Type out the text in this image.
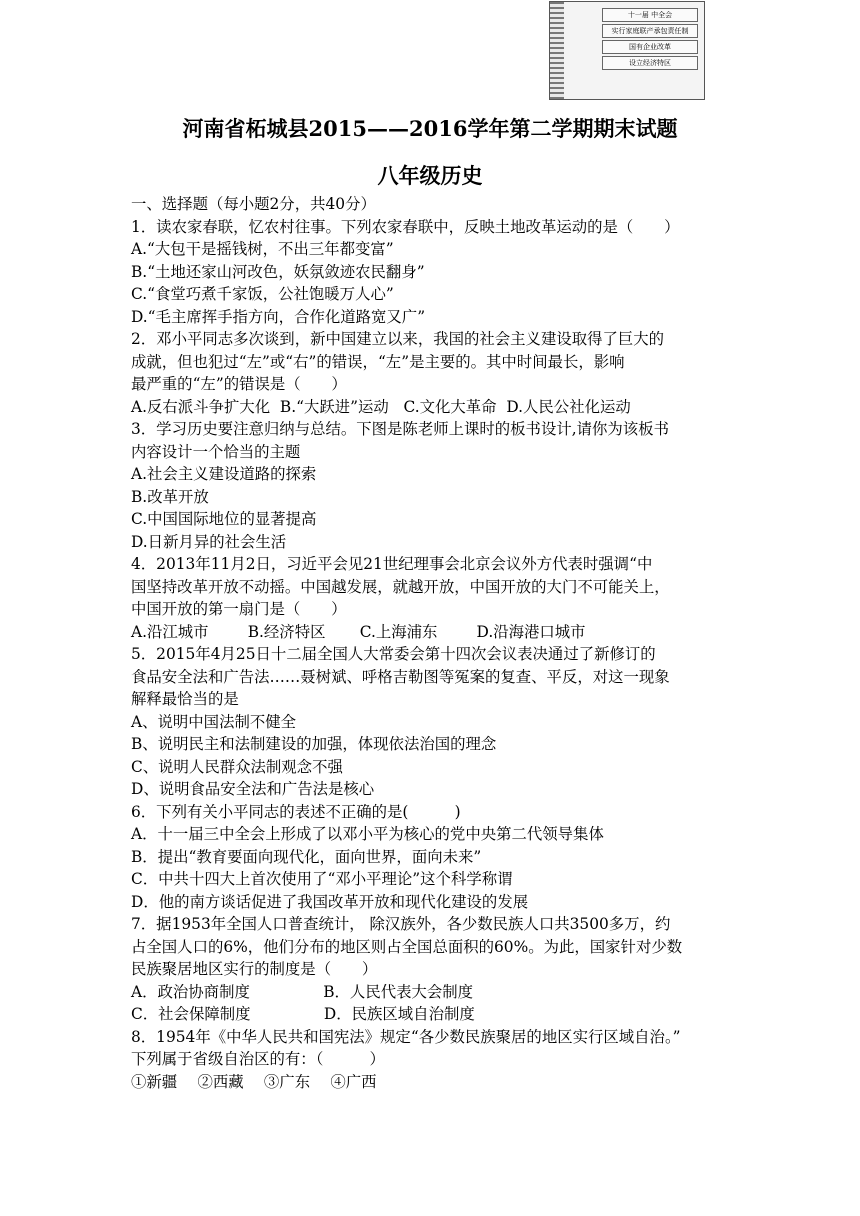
十一届 中全会
实行家庭联产承包责任制
国有企业改革
设立经济特区
河南省柘城县2015——2016学年第二学期期末试题
八年级历史

一、选择题（每小题2分，共40分）

1．读农家春联，忆农村往事。下列农家春联中，反映土地改革运动的是（　　）

A.“大包干是摇钱树，不出三年都变富”

B.“土地还家山河改色，妖氛敛迹农民翻身”

C.“食堂巧煮千家饭，公社饱暖万人心”

D.“毛主席挥手指方向，合作化道路宽又广”

2．邓小平同志多次谈到，新中国建立以来，我国的社会主义建设取得了巨大的

成就，但也犯过“左”或“右”的错误，“左”是主要的。其中时间最长，影响

最严重的“左”的错误是（　　）

A.反右派斗争扩大化  B.“大跃进”运动   C.文化大革命  D.人民公社化运动

3．学习历史要注意归纳与总结。下图是陈老师上课时的板书设计,请你为该板书

内容设计一个恰当的主题

A.社会主义建设道路的探索

B.改革开放

C.中国国际地位的显著提高

D.日新月异的社会生活

4．2013年11月2日，习近平会见21世纪理事会北京会议外方代表时强调“中

国坚持改革开放不动摇。中国越发展，就越开放，中国开放的大门不可能关上，

中国开放的第一扇门是（　　）

A.沿江城市        B.经济特区       C.上海浦东        D.沿海港口城市

5．2015年4月25日十二届全国人大常委会第十四次会议表决通过了新修订的

食品安全法和广告法……聂树斌、呼格吉勒图等冤案的复查、平反，对这一现象

解释最恰当的是

A、说明中国法制不健全

B、说明民主和法制建设的加强，体现依法治国的理念

C、说明人民群众法制观念不强

D、说明食品安全法和广告法是核心

6．下列有关小平同志的表述不正确的是(　　　)

A．十一届三中全会上形成了以邓小平为核心的党中央第二代领导集体

B．提出“教育要面向现代化，面向世界，面向未来”

C．中共十四大上首次使用了“邓小平理论”这个科学称谓

D．他的南方谈话促进了我国改革开放和现代化建设的发展

7．据1953年全国人口普查统计， 除汉族外，各少数民族人口共3500多万，约

占全国人口的6%，他们分布的地区则占全国总面积的60%。为此，国家针对少数

民族聚居地区实行的制度是（　　）

A．政治协商制度               B．人民代表大会制度

C．社会保障制度               D．民族区域自治制度

8．1954年《中华人民共和国宪法》规定“各少数民族聚居的地区实行区域自治。”

下列属于省级自治区的有：（　　　）

①新疆　 ②西藏　 ③广东　 ④广西
